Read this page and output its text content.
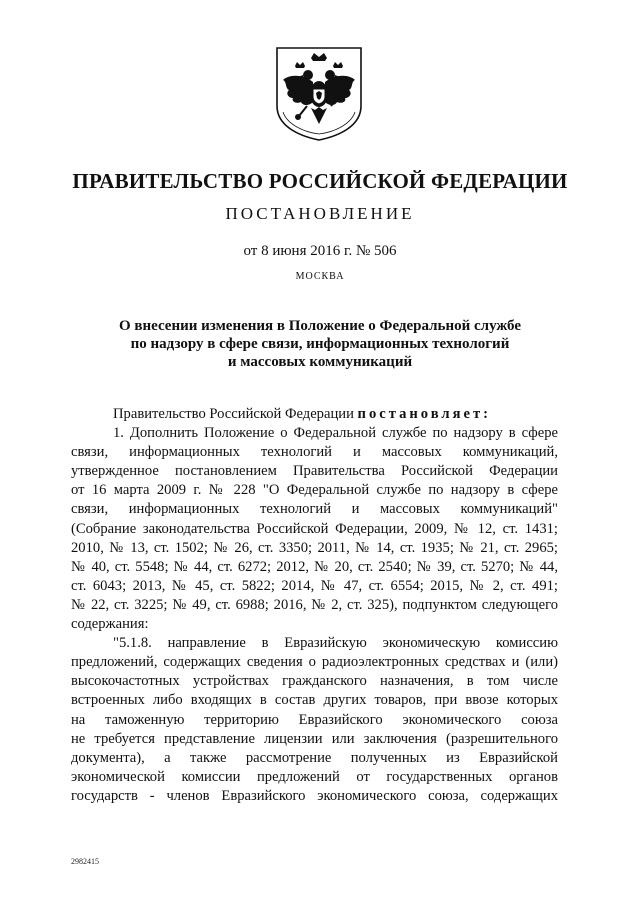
ПРАВИТЕЛЬСТВО РОССИЙСКОЙ ФЕДЕРАЦИИ
ПОСТАНОВЛЕНИЕ
от 8 июня 2016 г. № 506
МОСКВА
О внесении изменения в Положение о Федеральной службе
по надзору в сфере связи, информационных технологий
и массовых коммуникаций
Правительство Российской Федерации постановляет:
1. Дополнить Положение о Федеральной службе по надзору в сфере
связи, информационных технологий и массовых коммуникаций,
утвержденное постановлением Правительства Российской Федерации
от 16 марта 2009 г. № 228 "О Федеральной службе по надзору в сфере
связи, информационных технологий и массовых коммуникаций"
(Собрание законодательства Российской Федерации, 2009, № 12, ст. 1431;
2010, № 13, ст. 1502; № 26, ст. 3350; 2011, № 14, ст. 1935; № 21, ст. 2965;
№ 40, ст. 5548; № 44, ст. 6272; 2012, № 20, ст. 2540; № 39, ст. 5270; № 44,
ст. 6043; 2013, № 45, ст. 5822; 2014, № 47, ст. 6554; 2015, № 2, ст. 491;
№ 22, ст. 3225; № 49, ст. 6988; 2016, № 2, ст. 325), подпунктом следующего
содержания:
"5.1.8. направление в Евразийскую экономическую комиссию
предложений, содержащих сведения о радиоэлектронных средствах и (или)
высокочастотных устройствах гражданского назначения, в том числе
встроенных либо входящих в состав других товаров, при ввозе которых
на таможенную территорию Евразийского экономического союза
не требуется представление лицензии или заключения (разрешительного
документа), а также рассмотрение полученных из Евразийской
экономической комиссии предложений от государственных органов
государств - членов Евразийского экономического союза, содержащих
2982415
